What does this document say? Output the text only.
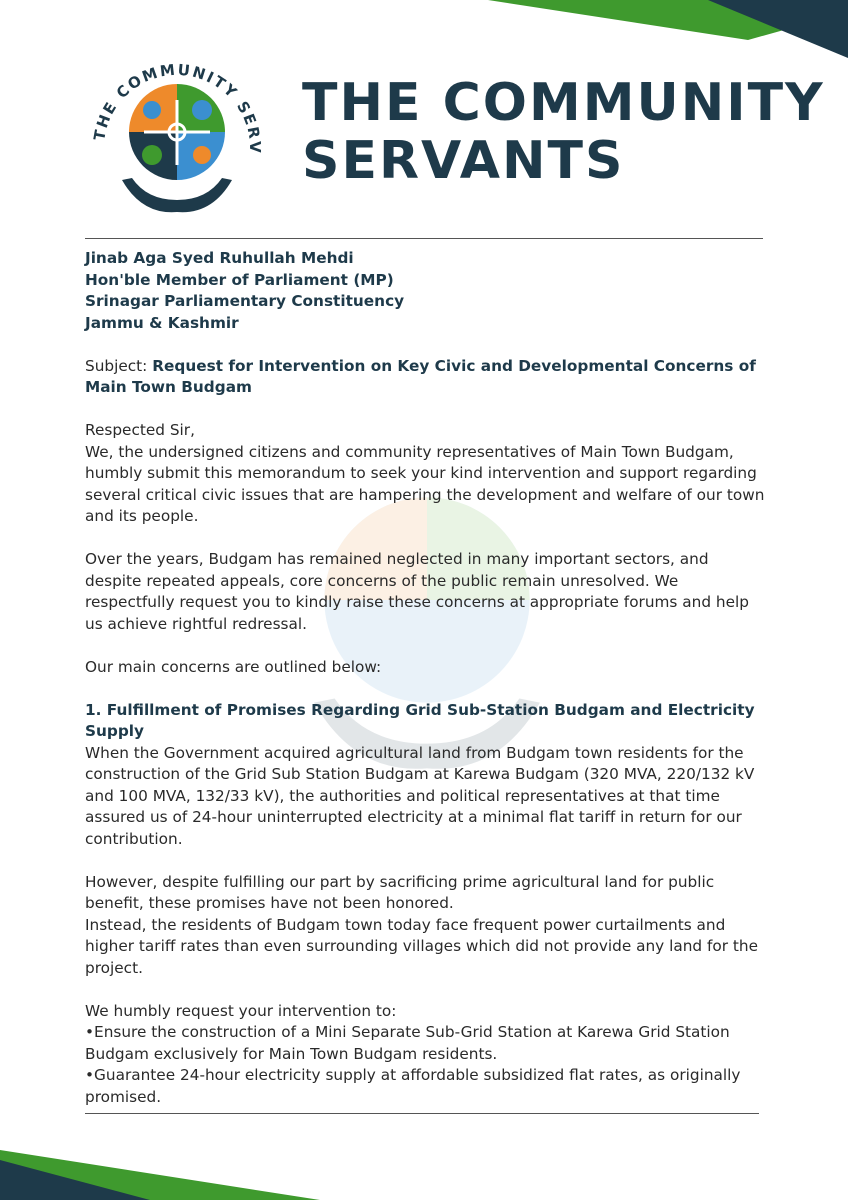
THE COMMUNITY SERV
THE COMMUNITY
SERVANTS

Jinab Aga Syed Ruhullah Mehdi

Hon'ble Member of Parliament (MP)

Srinagar Parliamentary Constituency

Jammu & Kashmir

Subject: Request for Intervention on Key Civic and Developmental Concerns of Main Town Budgam

Respected Sir,

We, the undersigned citizens and community representatives of Main Town Budgam, humbly submit this memorandum to seek your kind intervention and support regarding several critical civic issues that are hampering the development and welfare of our town and its people.

Over the years, Budgam has remained neglected in many important sectors, and despite repeated appeals, core concerns of the public remain unresolved. We respectfully request you to kindly raise these concerns at appropriate forums and help us achieve rightful redressal.

Our main concerns are outlined below:

1. Fulfillment of Promises Regarding Grid Sub-Station Budgam and Electricity Supply

When the Government acquired agricultural land from Budgam town residents for the construction of the Grid Sub Station Budgam at Karewa Budgam (320 MVA, 220/132 kV and 100 MVA, 132/33 kV), the authorities and political representatives at that time assured us of 24-hour uninterrupted electricity at a minimal flat tariff in return for our contribution.

However, despite fulfilling our part by sacrificing prime agricultural land for public benefit, these promises have not been honored.

Instead, the residents of Budgam town today face frequent power curtailments and higher tariff rates than even surrounding villages which did not provide any land for the project.

We humbly request your intervention to:

•Ensure the construction of a Mini Separate Sub-Grid Station at Karewa Grid Station Budgam exclusively for Main Town Budgam residents.

•Guarantee 24-hour electricity supply at affordable subsidized flat rates, as originally promised.
